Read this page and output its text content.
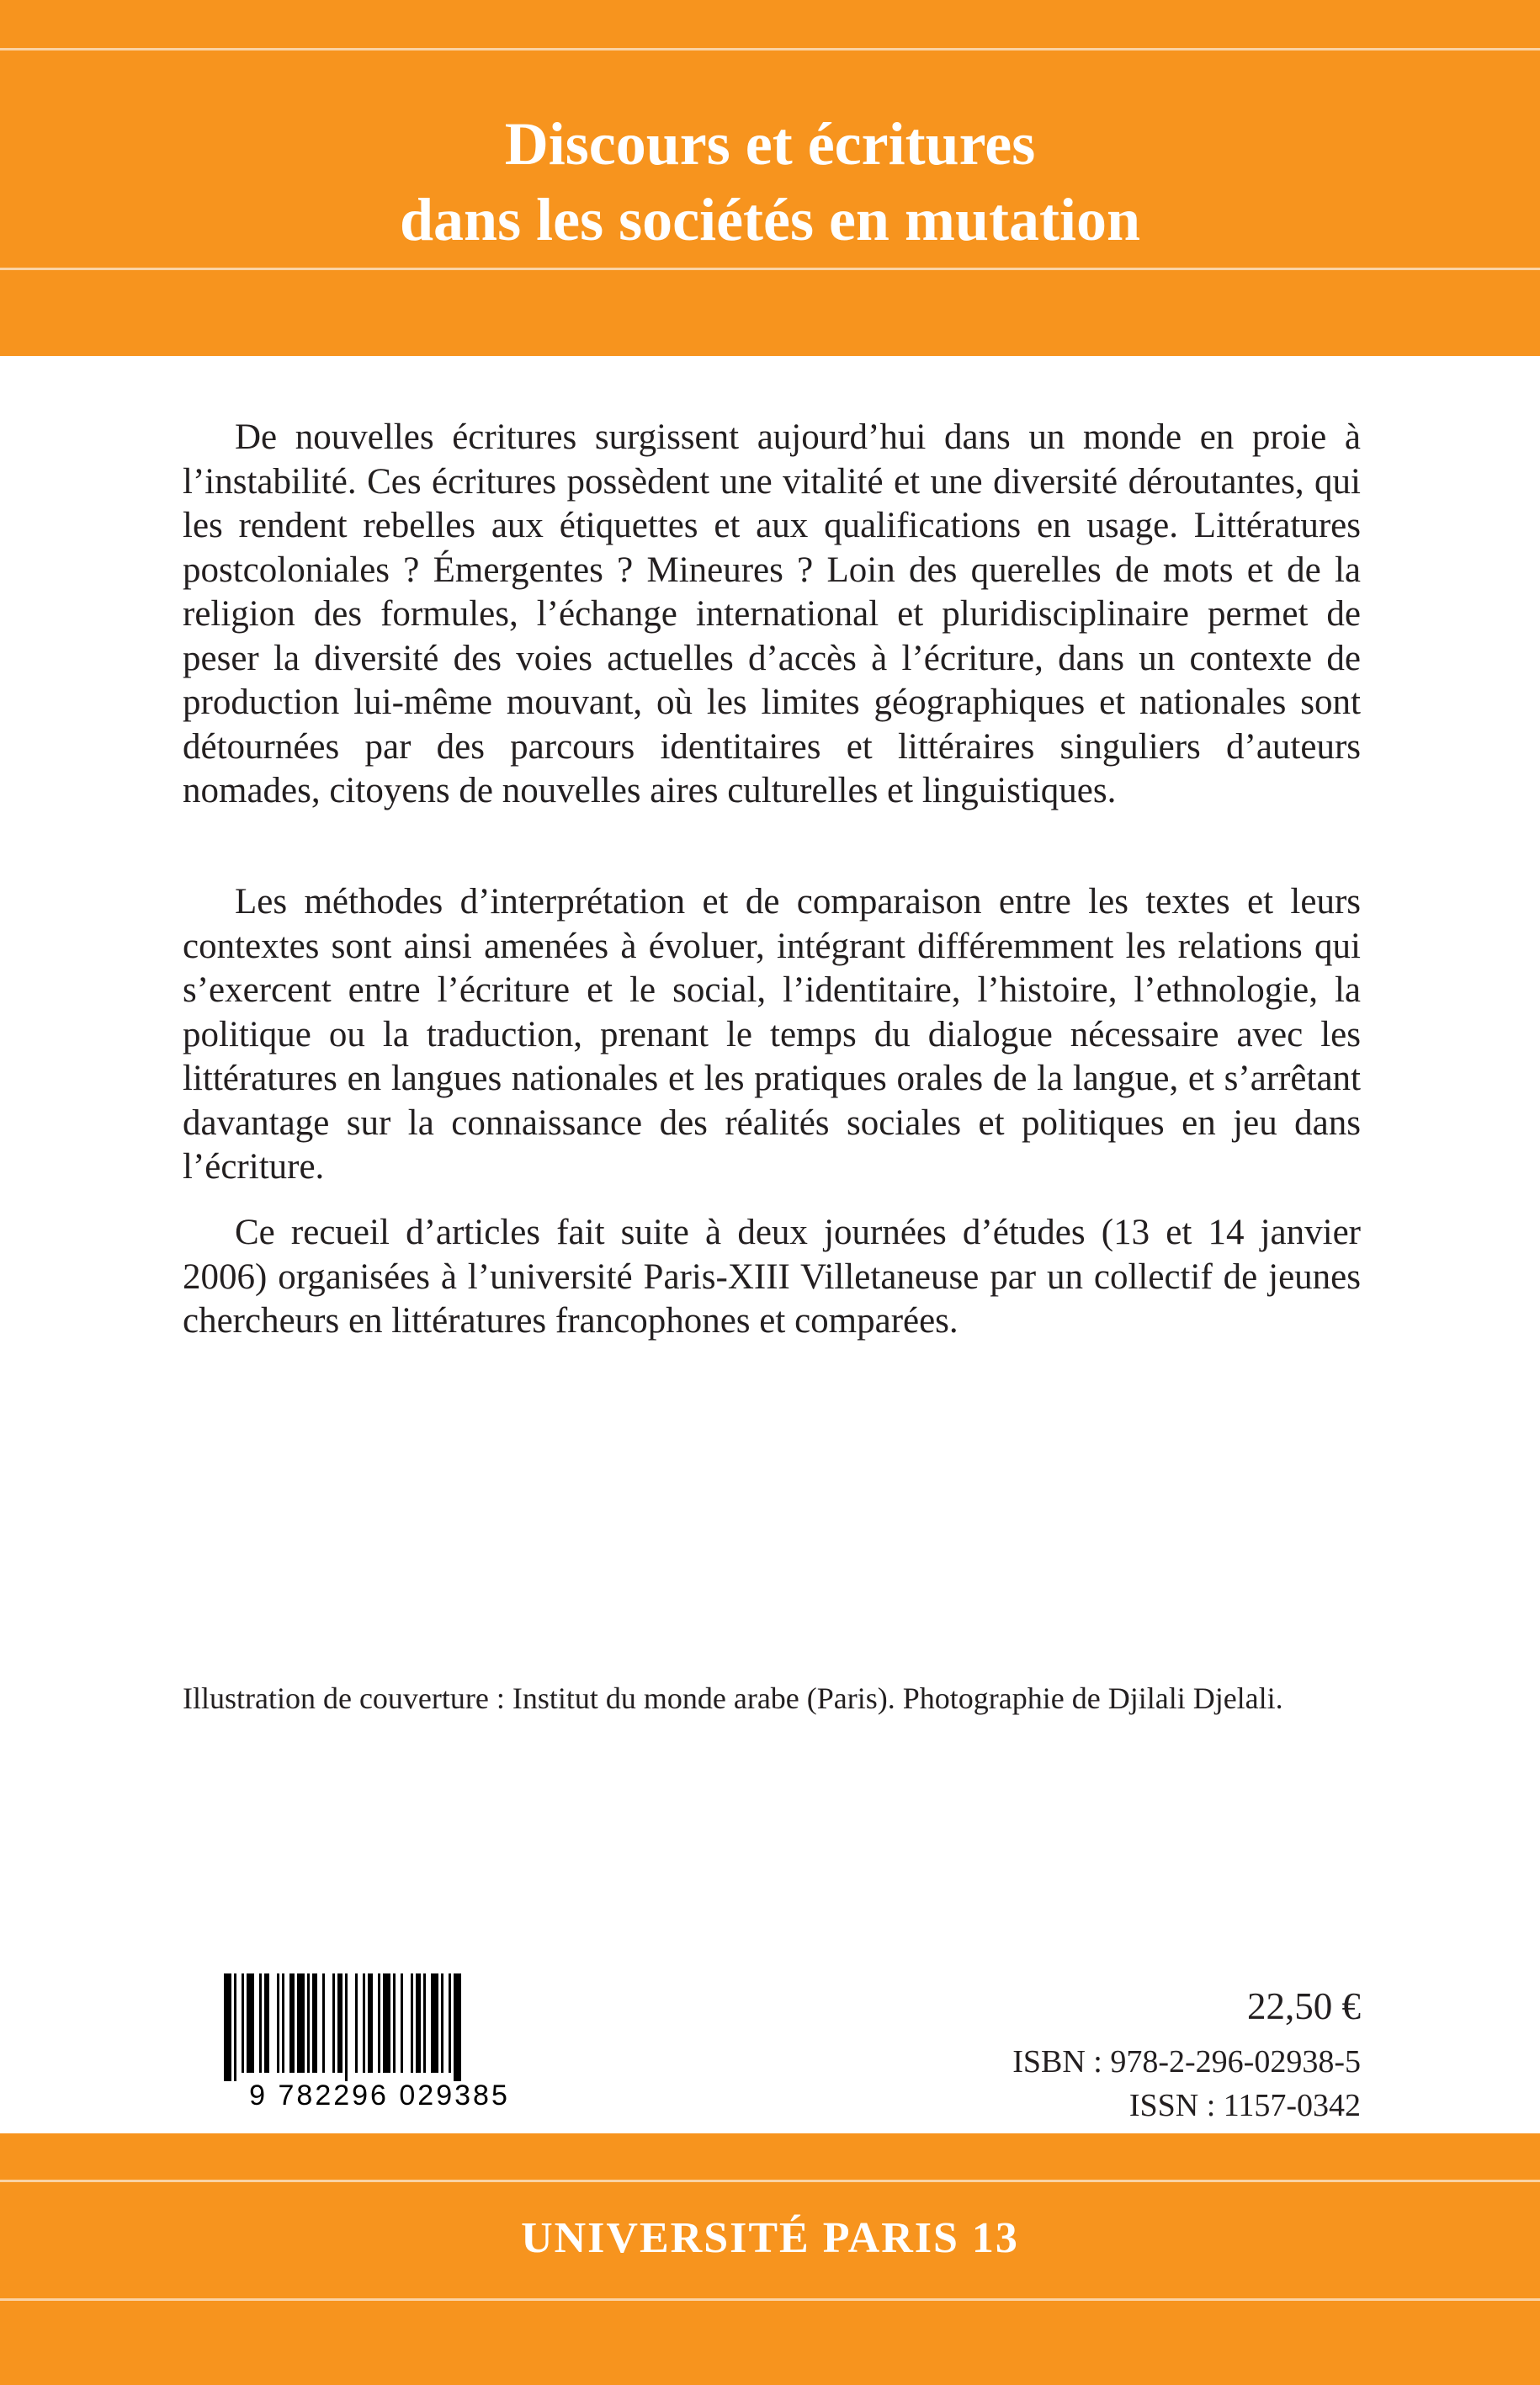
Discours et écritures
dans les sociétés en mutation

De nouvelles écritures surgissent aujourd’hui dans un monde en proie à l’instabilité. Ces écritures possèdent une vitalité et une diversité déroutantes, qui les rendent rebelles aux étiquettes et aux qualifications en usage. Littératures postcoloniales ? Émergentes ? Mineures ? Loin des querelles de mots et de la religion des formules, l’échange international et pluridisciplinaire permet de peser la diversité des voies actuelles d’accès à l’écriture, dans un contexte de production lui-même mouvant, où les limites géographiques et nationales sont détournées par des parcours identitaires et littéraires singuliers d’auteurs nomades, citoyens de nouvelles aires culturelles et linguistiques.

Les méthodes d’interprétation et de comparaison entre les textes et leurs contextes sont ainsi amenées à évoluer, intégrant différemment les relations qui s’exercent entre l’écriture et le social, l’identitaire, l’histoire, l’ethnologie, la politique ou la traduction, prenant le temps du dialogue nécessaire avec les littératures en langues nationales et les pratiques orales de la langue, et s’arrêtant davantage sur la connaissance des réalités sociales et politiques en jeu dans l’écriture.

Ce recueil d’articles fait suite à deux journées d’études (13 et 14 janvier 2006) organisées à l’université Paris-XIII Villetaneuse par un collectif de jeunes chercheurs en littératures francophones et comparées.

Illustration de couverture : Institut du monde arabe (Paris). Photographie de Djilali Djelali.

9 782296 029385

22,50 €

ISBN : 978-2-296-02938-5

ISSN : 1157-0342

UNIVERSITÉ PARIS 13
